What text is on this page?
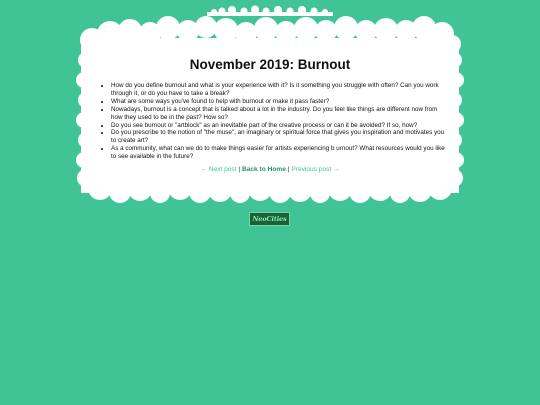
November 2019: Burnout
• How do you define burnout and what is your experience with it? Is it something you struggle with often? Can you work through it, or do you have to take a break?
• What are some ways you've found to help with burnout or make it pass faster?
• Nowadays, burnout is a concept that is talked about a lot in the industry. Do you feel like things are different now from how they used to be in the past? How so?
• Do you see burnout or "artblock" as an inevitable part of the creative process or can it be avoided? If so, how?
• Do you prescribe to the notion of "the muse", an imaginary or spiritual force that gives you inspiration and motivates you to create art?
• As a community, what can we do to make things easier for artists experiencing b urnout? What resources would you like to see available in the future?
← Next post | Back to Home | Previous post →
NeoCities
